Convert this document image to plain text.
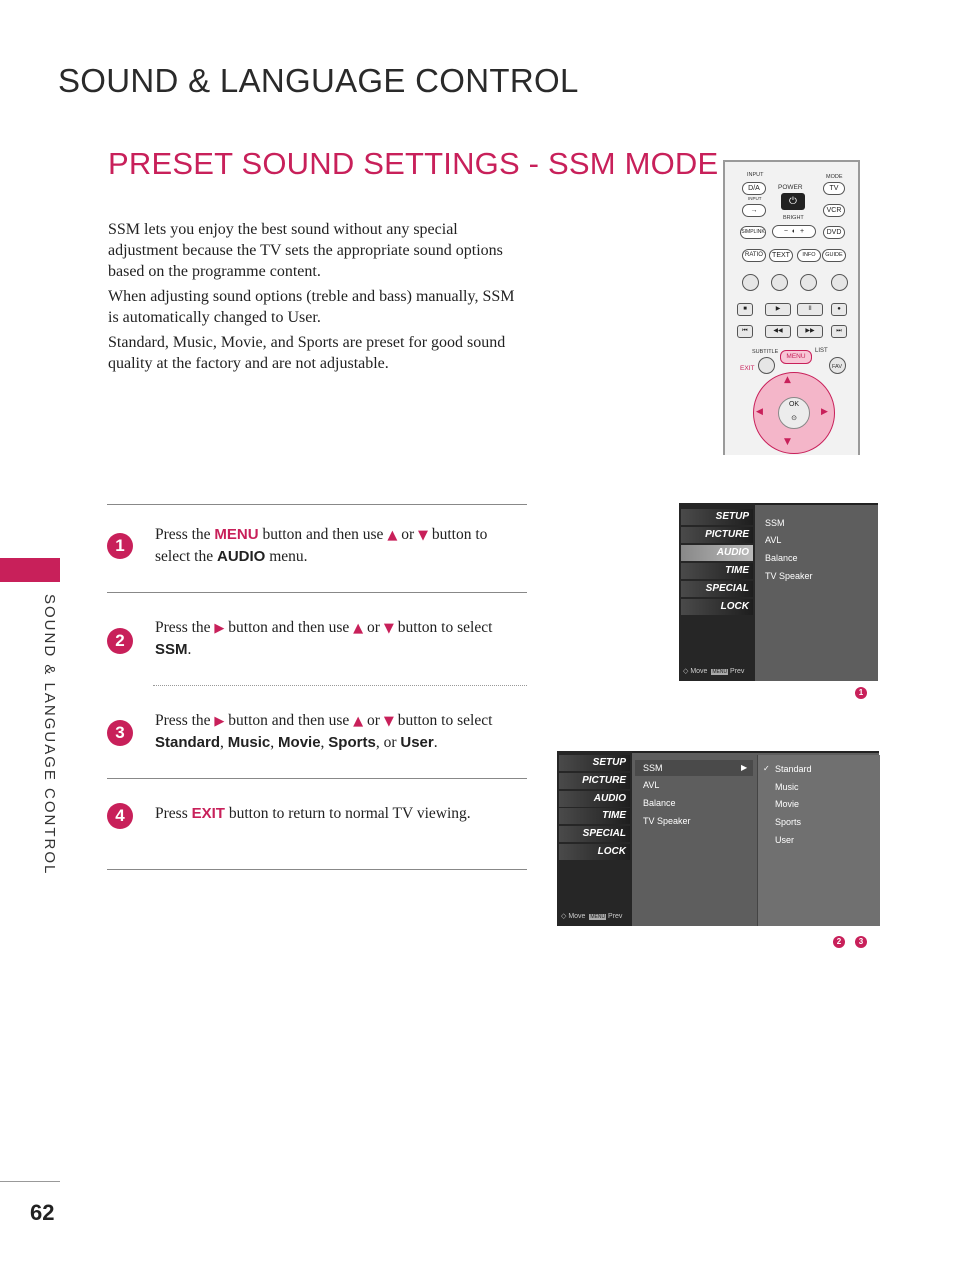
SOUND & LANGUAGE CONTROL
PRESET SOUND SETTINGS - SSM MODE
SOUND & LANGUAGE CONTROL
62

SSM lets you enjoy the best sound without any special adjustment because the TV sets the appropriate sound options based on the programme content.

When adjusting sound options (treble and bass) manually, SSM is automatically changed to User.

Standard, Music, Movie, and Sports are preset for good sound quality at the factory and are not adjustable.

1
Press the MENU button and then use ▲ or ▼ button to select the AUDIO menu.
2
Press the ▶ button and then use ▲ or ▼ button to select SSM.
3
Press the ▶ button and then use ▲ or ▼ button to select Standard, Music, Movie, Sports, or User.
4	Press EXIT button to return to normal TV viewing.
INPUT	MODE
D/A	TV
POWER
⏻
INPUT
→	VCR
BRIGHT
SIMPLINK	−  ◐  +	DVD
RATIO	TEXT	INFO	GUIDE
■	▶	II	●
⏮	◀◀	▶▶	⏭
SUBTITLE	LIST
MENU
EXIT	FAV
▲
▼
◀	▶
OK
⊙
SETUP
PICTURE
AUDIO
TIME
SPECIAL
LOCK
◇ Move MENU Prev
SSM
AVL
Balance
TV Speaker
1
SETUP
PICTURE
AUDIO
TIME
SPECIAL
LOCK
◇ Move MENU Prev
SSM	▶
AVL
Balance
TV Speaker
✓ Standard
Music
Movie
Sports
User
2	3
